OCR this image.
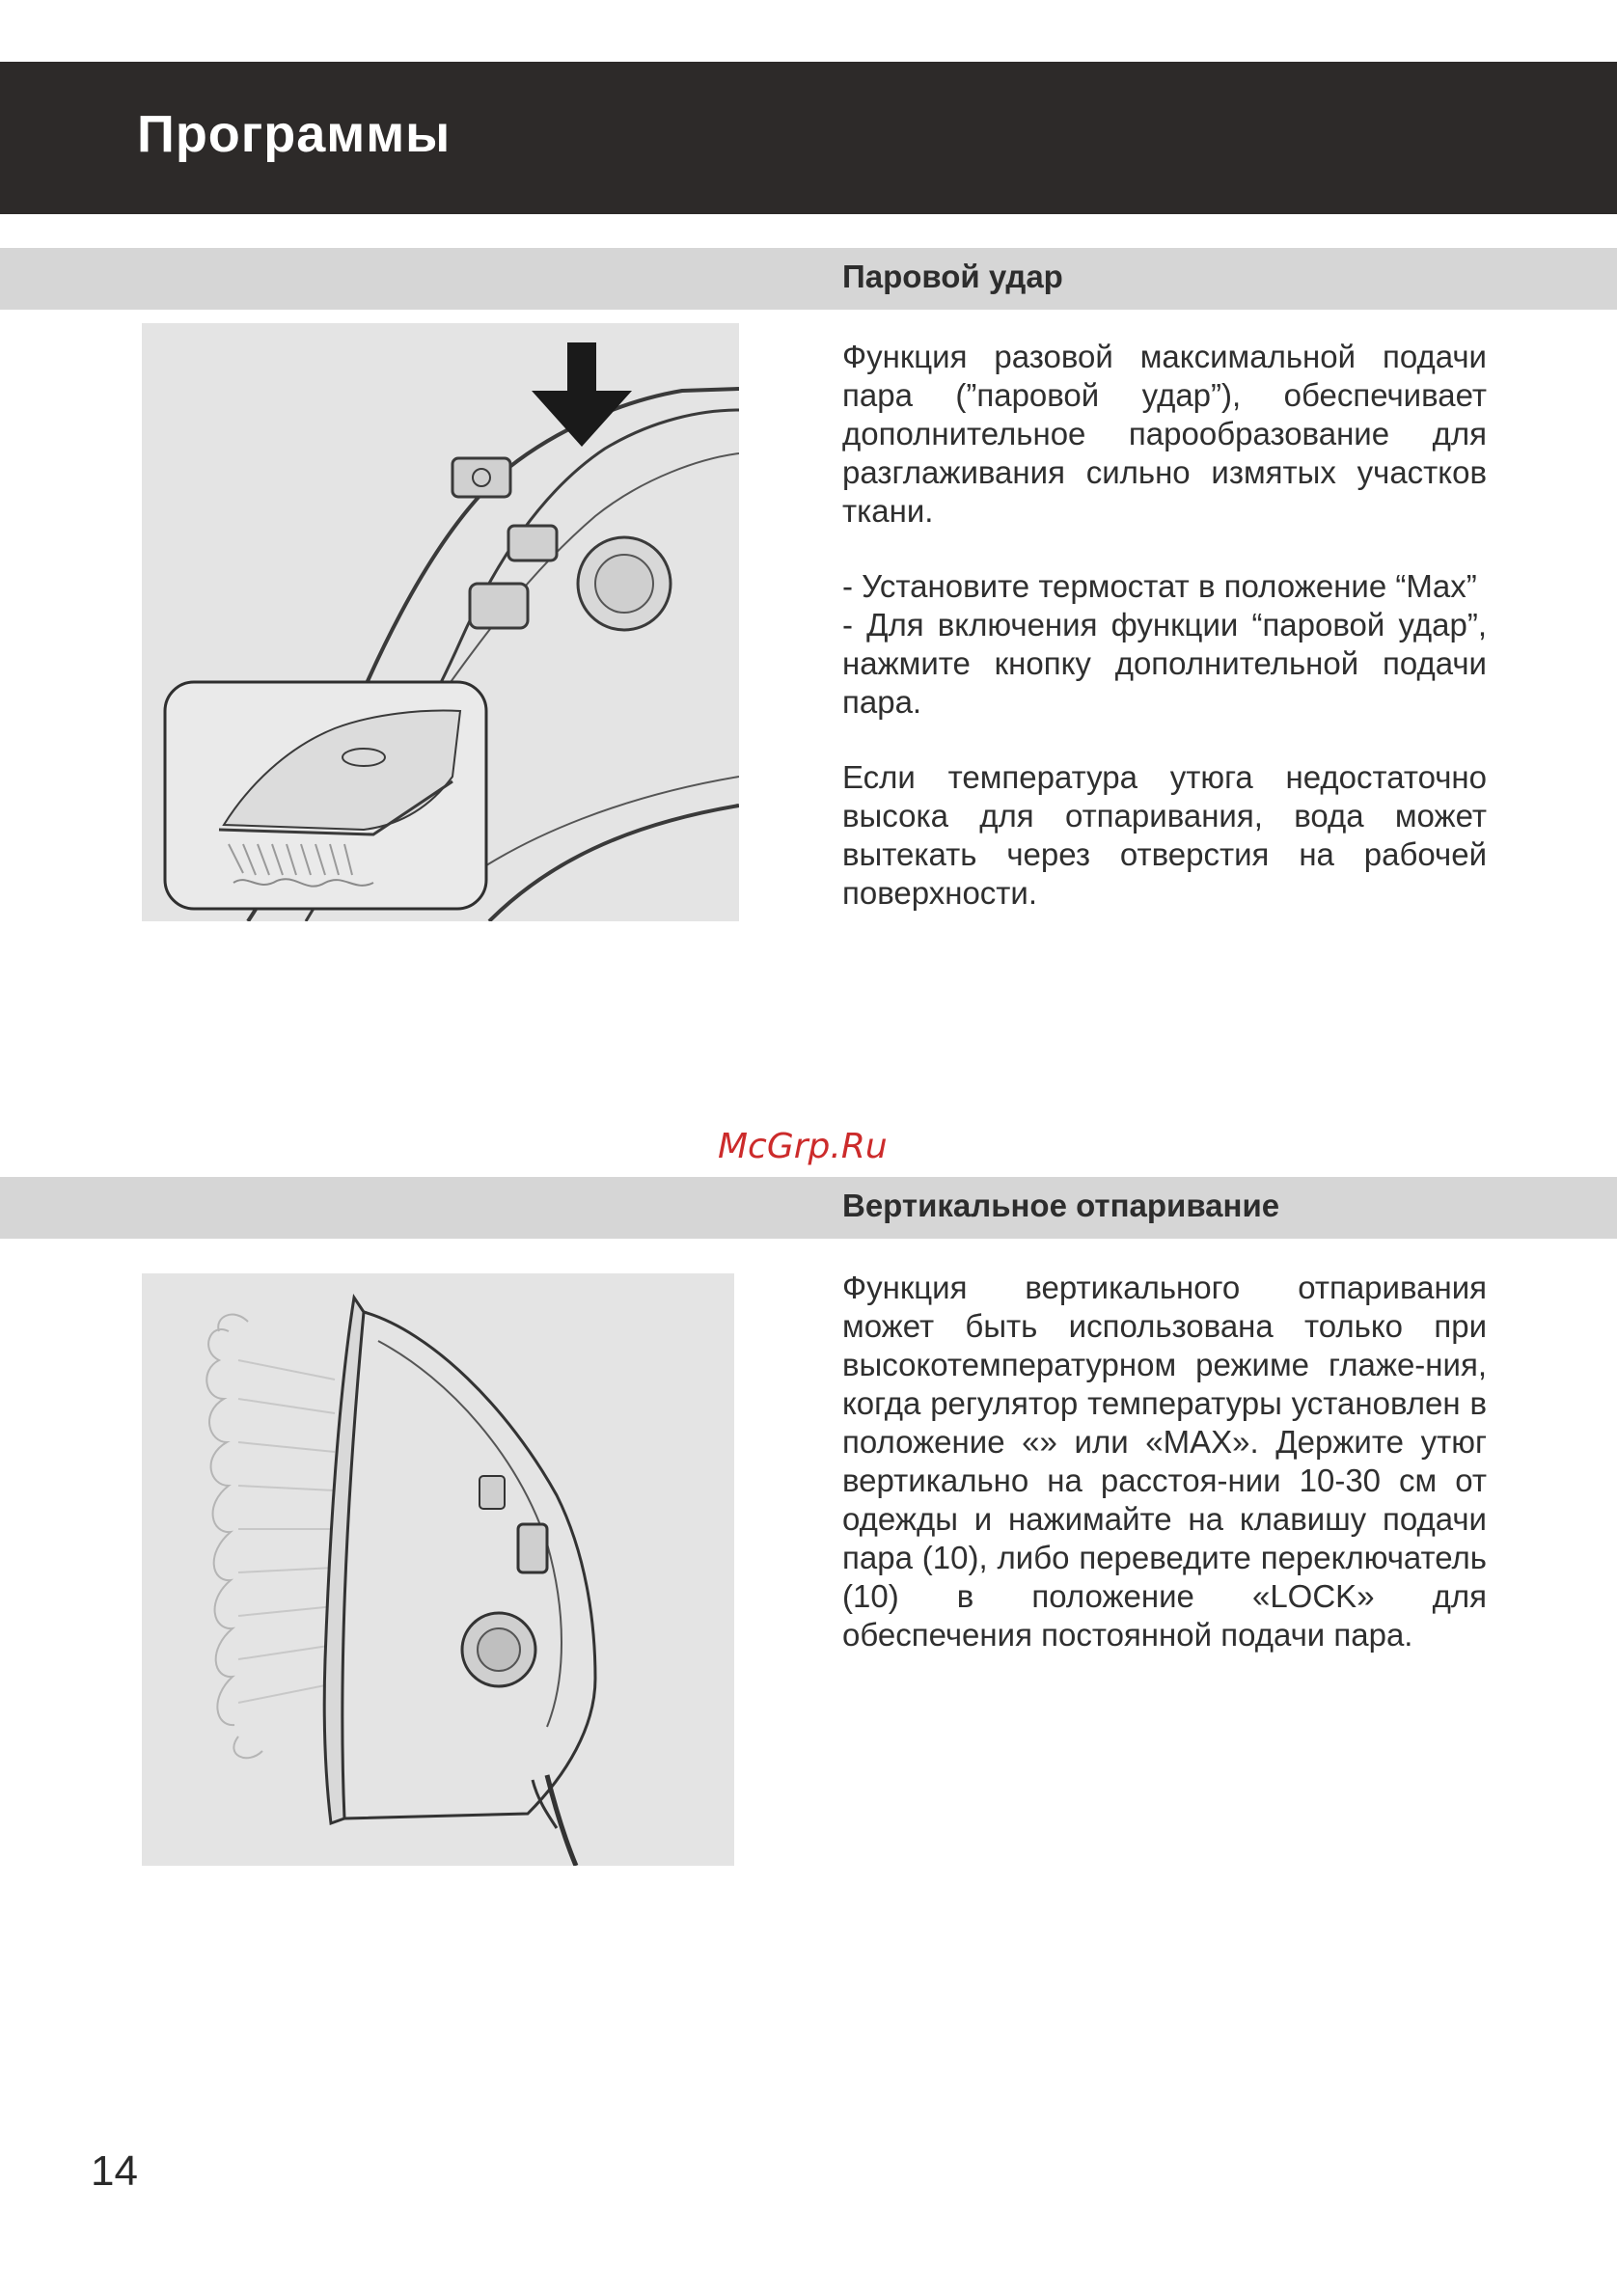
Программы
Паровой удар

Функция разовой максимальной подачи пара (”паровой удар”), обеспечивает дополнительное парообразование для разглаживания сильно измятых участков ткани.

- Установите термостат в положение “Max”

- Для включения функции “паровой удар”, нажмите кнопку дополнительной подачи пара.

Если температура утюга недостаточно высока для отпаривания, вода может вытекать через отверстия на рабочей поверхности.

McGrp.Ru

Вертикальное отпаривание

Функция вертикального отпаривания может быть использована только при высокотемпературном режиме глаже-ния, когда регулятор температуры установлен в положение «» или «MAX». Держите утюг вертикально на расстоя-нии 10-30 см от одежды и нажимайте на клавишу подачи пара (10), либо переведите переключатель (10) в положение «LOCK» для обеспечения постоянной подачи пара.

14
